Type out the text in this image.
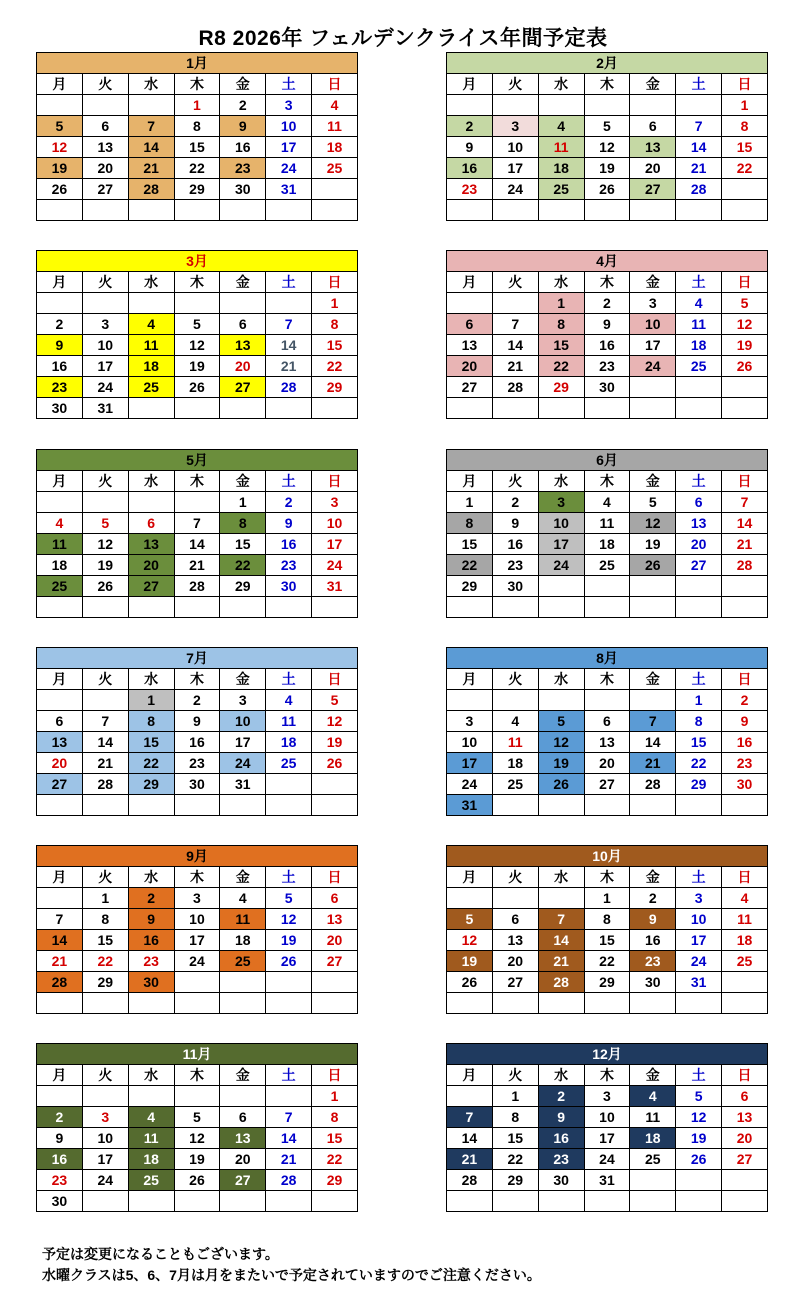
R8 2026年 フェルデンクライス年間予定表
1月						
月	火	水	木	金	土	日
			1	2	3	4
5	6	7	8	9	10	11
12	13	14	15	16	17	18
19	20	21	22	23	24	25
26	27	28	29	30	31	

2月						
月	火	水	木	金	土	日
						1
2	3	4	5	6	7	8
9	10	11	12	13	14	15
16	17	18	19	20	21	22
23	24	25	26	27	28	

3月						
月	火	水	木	金	土	日
						1
2	3	4	5	6	7	8
9	10	11	12	13	14	15
16	17	18	19	20	21	22
23	24	25	26	27	28	29
30	31					
4月						
月	火	水	木	金	土	日
		1	2	3	4	5
6	7	8	9	10	11	12
13	14	15	16	17	18	19
20	21	22	23	24	25	26
27	28	29	30			

5月						
月	火	水	木	金	土	日
				1	2	3
4	5	6	7	8	9	10
11	12	13	14	15	16	17
18	19	20	21	22	23	24
25	26	27	28	29	30	31

6月						
月	火	水	木	金	土	日
1	2	3	4	5	6	7
8	9	10	11	12	13	14
15	16	17	18	19	20	21
22	23	24	25	26	27	28
29	30					

7月						
月	火	水	木	金	土	日
		1	2	3	4	5
6	7	8	9	10	11	12
13	14	15	16	17	18	19
20	21	22	23	24	25	26
27	28	29	30	31		

8月						
月	火	水	木	金	土	日
					1	2
3	4	5	6	7	8	9
10	11	12	13	14	15	16
17	18	19	20	21	22	23
24	25	26	27	28	29	30
31						
9月						
月	火	水	木	金	土	日
	1	2	3	4	5	6
7	8	9	10	11	12	13
14	15	16	17	18	19	20
21	22	23	24	25	26	27
28	29	30				

10月						
月	火	水	木	金	土	日
			1	2	3	4
5	6	7	8	9	10	11
12	13	14	15	16	17	18
19	20	21	22	23	24	25
26	27	28	29	30	31	

11月						
月	火	水	木	金	土	日
						1
2	3	4	5	6	7	8
9	10	11	12	13	14	15
16	17	18	19	20	21	22
23	24	25	26	27	28	29
30						
12月						
月	火	水	木	金	土	日
	1	2	3	4	5	6
7	8	9	10	11	12	13
14	15	16	17	18	19	20
21	22	23	24	25	26	27
28	29	30	31			

予定は変更になることもございます。
水曜クラスは5、6、7月は月をまたいで予定されていますのでご注意ください。
